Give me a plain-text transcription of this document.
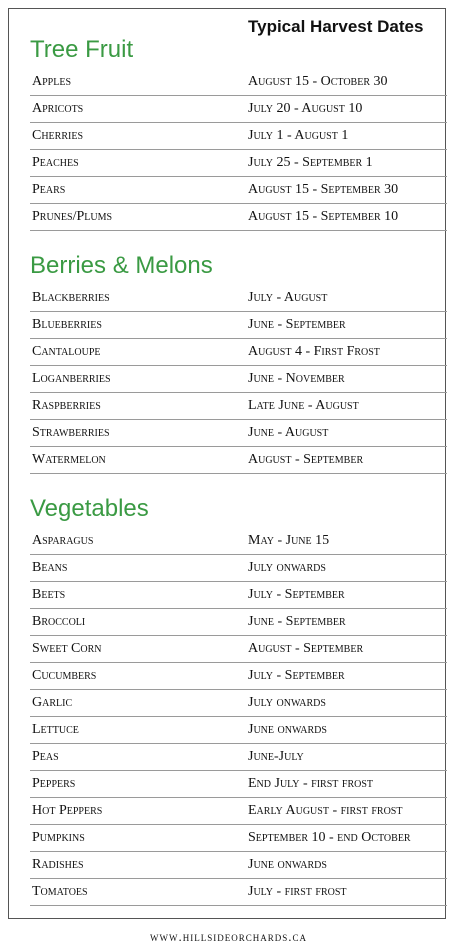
Typical Harvest Dates
Tree Fruit
Apples	August 15 - October 30
Apricots	July 20 - August 10
Cherries	July 1 - August 1
Peaches	July 25 - September 1
Pears	August 15 - September 30
Prunes/Plums	August 15 - September 10
Berries & Melons
Blackberries	July - August
Blueberries	June - September
Cantaloupe	August 4 - First Frost
Loganberries	June - November
Raspberries	Late June - August
Strawberries	June - August
Watermelon	August - September
Vegetables
Asparagus	May - June 15
Beans	July onwards
Beets	July - September
Broccoli	June - September
Sweet Corn	August - September
Cucumbers	July - September
Garlic	July onwards
Lettuce	June onwards
Peas	June-July
Peppers	End July - first frost
Hot Peppers	Early August - first frost
Pumpkins	September 10 - end October
Radishes	June onwards
Tomatoes	July - first frost
www.hillsideorchards.ca
